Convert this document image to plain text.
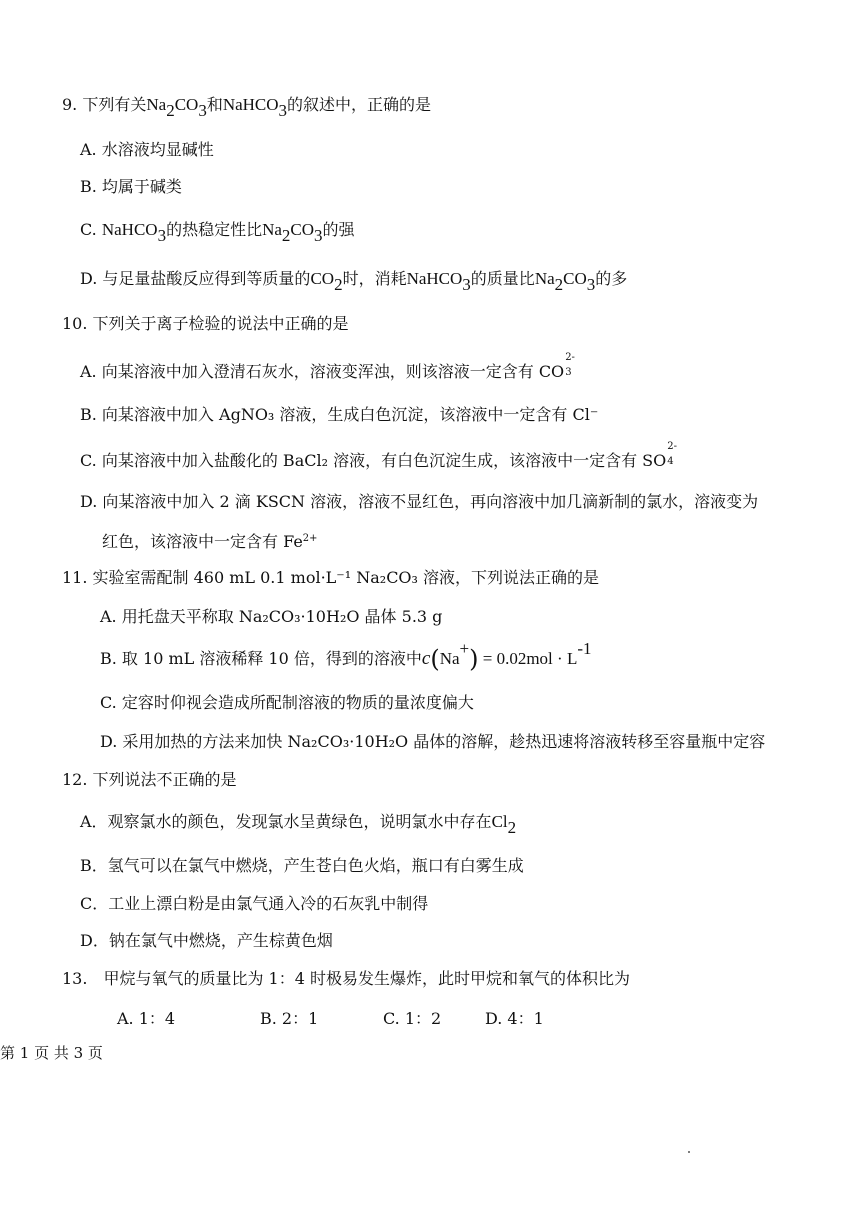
9. 下列有关$Na_2CO_3$和NaHCO$_3$的叙述中，正确的是
A. 水溶液均显碱性
B. 均属于碱类
C. NaHCO$_3$的热稳定性比$Na_2CO_3$的强
D. 与足量盐酸反应得到等质量的$CO_2$时，消耗NaHCO$_3$的质量比$Na_2CO_3$的多
10. 下列关于离子检验的说法中正确的是
A. 向某溶液中加入澄清石灰水，溶液变浑浊，则该溶液一定含有 CO
2-
3
B. 向某溶液中加入 AgNO₃ 溶液，生成白色沉淀，该溶液中一定含有 Cl⁻
C. 向某溶液中加入盐酸化的 BaCl₂ 溶液，有白色沉淀生成，该溶液中一定含有 SO
2-
4
D. 向某溶液中加入 2 滴 KSCN 溶液，溶液不显红色，再向溶液中加几滴新制的氯水，溶液变为
红色，该溶液中一定含有 $Fe^{2+}$
11. 实验室需配制 460 mL 0.1 mol·L⁻¹ Na₂CO₃ 溶液，下列说法正确的是
A. 用托盘天平称取 Na₂CO₃·10H₂O 晶体 5.3 g
B. 取 10 mL 溶液稀释 10 倍，得到的溶液中$c(Na^+) = 0.02mol \cdot L^{-1}$
C. 定容时仰视会造成所配制溶液的物质的量浓度偏大
D. 采用加热的方法来加快 Na₂CO₃·10H₂O 晶体的溶解，趁热迅速将溶液转移至容量瓶中定容
12. 下列说法不正确的是
A．观察氯水的颜色，发现氯水呈黄绿色，说明氯水中存在$Cl_2$
B．氢气可以在氯气中燃烧，产生苍白色火焰，瓶口有白雾生成
C．工业上漂白粉是由氯气通入冷的石灰乳中制得
D．钠在氯气中燃烧，产生棕黄色烟
13.　甲烷与氧气的质量比为 1：4 时极易发生爆炸，此时甲烷和氧气的体积比为
A. 1：4	B. 2：1	C. 1：2	D. 4：1
第 1 页 共 3 页
